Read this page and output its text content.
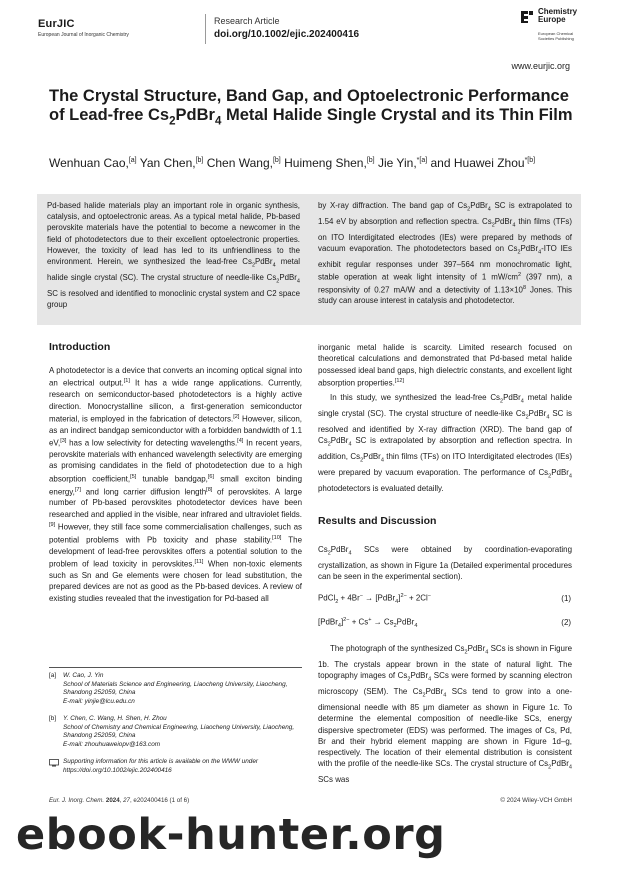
EurJIC
European Journal of Inorganic Chemistry
Research Article
doi.org/10.1002/ejic.202400416
Chemistry
Europe
European Chemical Societies Publishing
www.eurjic.org
The Crystal Structure, Band Gap, and Optoelectronic Performance of Lead-free $Cs_2PdBr_4$ Metal Halide Single Crystal and its Thin Film
Wenhuan Cao,[a] Yan Chen,[b] Chen Wang,[b] Huimeng Shen,[b] Jie Yin,$^{*[a]}$ and Huawei Zhou$^{*[b]}$
Pd-based halide materials play an important role in organic synthesis, catalysis, and optoelectronic areas. As a typical metal halide, Pb-based perovskite materials have the potential to become a newcomer in the field of photodetectors due to their excellent optoelectronic properties. However, the toxicity of lead has led to its unfriendliness to the environment. Herein, we synthesized the lead-free $Cs_2PdBr_4$ metal halide single crystal (SC). The crystal structure of needle-like $Cs_2PdBr_4$ SC is resolved and identified to monoclinic crystal system and C2 space group
by X-ray diffraction. The band gap of $Cs_2PdBr_4$ SC is extrapolated to 1.54 eV by absorption and reflection spectra. $Cs_2PdBr_4$ thin films (TFs) on ITO Interdigitated electrodes (IEs) were prepared by methods of vacuum evaporation. The photodetectors based on $Cs_2PdBr_4$-ITO IEs exhibit regular responses under 397–564 nm monochromatic light, stable operation at weak light intensity of 1 $mW/cm^2$ (397 nm), a responsivity of 0.27 mA/W and a detectivity of $1.13\times 10^8$ Jones. This study can arouse interest in catalysis and photodetector.
Introduction
A photodetector is a device that converts an incoming optical signal into an electrical output.[1] It has a wide range applications. Currently, research on semiconductor-based photodetectors is a highly active direction. Monocrystalline silicon, a first-generation semiconductor material, is employed in the fabrication of detectors.[2] However, silicon, as an indirect bandgap semiconductor with a forbidden bandwidth of 1.1 eV,[3] has a low selectivity for detecting wavelengths.[4] In recent years, perovskite materials with enhanced wavelength selectivity are emerging as promising candidates in the field of photodetection due to a high absorption coefficient,[5] tunable bandgap,[6] small exciton binding energy,[7] and long carrier diffusion length[8] of perovskites. A large number of Pb-based perovskites photodetector devices have been researched and applied in the visible, near infrared and ultraviolet fields.[9] However, they still face some commercialisation challenges, such as potential problems with Pb toxicity and phase stability.[10] The development of lead-free perovskites offers a potential solution to the problem of lead toxicity in perovskites.[11] When non-toxic elements such as Sn and Ge elements were chosen for lead substitution, the prepared devices are not as good as the Pb-based devices. A review of existing studies revealed that the investigation for Pd-based all
inorganic metal halide is scarcity. Limited research focused on theoretical calculations and demonstrated that Pd-based metal halide possessed ideal band gaps, high dielectric constants, and excellent light absorption properties.[12]
In this study, we synthesized the lead-free $Cs_2PdBr_4$ metal halide single crystal (SC). The crystal structure of needle-like $Cs_2PdBr_4$ SC is resolved and identified by X-ray diffraction (XRD). The band gap of $Cs_2PdBr_4$ SC is extrapolated by absorption and reflection spectra. In addition, $Cs_2PdBr_4$ thin films (TFs) on ITO Interdigitated electrodes (IEs) were prepared by vacuum evaporation. The performance of $Cs_2PdBr_4$ photodetectors is evaluated detailly.
Results and Discussion
$Cs_2PdBr_4$ SCs were obtained by coordination-evaporating crystallization, as shown in Figure 1a (Detailed experimental procedures can be seen in the experimental section).
PdCl$_2$ + 4Br− → [PdBr$_4$]$^{2-}$ + 2Cl−	(1)
[PdBr$_4$]$^{2-}$ + $Cs^+ \to Cs_2PdBr_4$	(2)
The photograph of the synthesized $Cs_2PdBr_4$ SCs is shown in Figure 1b. The crystals appear brown in the state of natural light. The topography images of $Cs_2PdBr_4$ SCs were formed by scanning electron microscopy (SEM). The $Cs_2PdBr_4$ SCs tend to grow into a one-dimensional needle with 85 μm diameter as shown in Figure 1c. To determine the elemental composition of needle-like SCs, energy dispersive spectrometer (EDS) was performed. The images of Cs, Pd, Br and their hybrid element mapping are shown in Figure 1d–g, respectively. The location of their elemental distribution is consistent with the profile of the needle-like SCs. The crystal structure of $Cs_2PdBr_4$ SCs was
[a] W. Cao, J. Yin
School of Materials Science and Engineering, Liaocheng University, Liaocheng, Shandong 252059, China
E-mail: yinjie@lcu.edu.cn
[b] Y. Chen, C. Wang, H. Shen, H. Zhou
School of Chemistry and Chemical Engineering, Liaocheng University, Liaocheng, Shandong 252059, China
E-mail: zhouhuaweiopv@163.com
Supporting information for this article is available on the WWW under https://doi.org/10.1002/ejic.202400416
Eur. J. Inorg. Chem. 2024, 27, e202400416 (1 of 6)	© 2024 Wiley-VCH GmbH
ebook-hunter.org
